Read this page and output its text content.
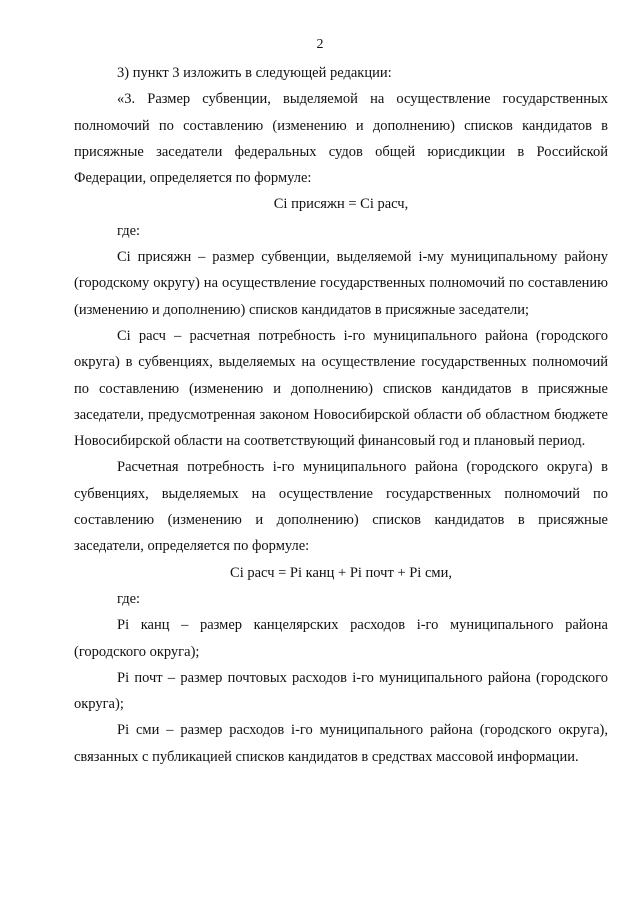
2

3) пункт 3 изложить в следующей редакции:

«3. Размер субвенции, выделяемой на осуществление государственных полномочий по составлению (изменению и дополнению) списков кандидатов в присяжные заседатели федеральных судов общей юрисдикции в Российской Федерации, определяется по формуле:

Ci присяжн = Ci расч,

где:

Ci присяжн – размер субвенции, выделяемой i-му муниципальному району (городскому округу) на осуществление государственных полномочий по составлению (изменению и дополнению) списков кандидатов в присяжные заседатели;

Ci расч – расчетная потребность i-го муниципального района (городского округа) в субвенциях, выделяемых на осуществление государственных полномочий по составлению (изменению и дополнению) списков кандидатов в присяжные заседатели, предусмотренная законом Новосибирской области об областном бюджете Новосибирской области на соответствующий финансовый год и плановый период.

Расчетная потребность i-го муниципального района (городского округа) в субвенциях, выделяемых на осуществление государственных полномочий по составлению (изменению и дополнению) списков кандидатов в присяжные заседатели, определяется по формуле:

Ci расч = Pi канц + Pi почт + Pi сми,

где:

Pi канц – размер канцелярских расходов i-го муниципального района (городского округа);

Pi почт – размер почтовых расходов i-го муниципального района (городского округа);

Pi сми – размер расходов i-го муниципального района (городского округа), связанных с публикацией списков кандидатов в средствах массовой информации.
